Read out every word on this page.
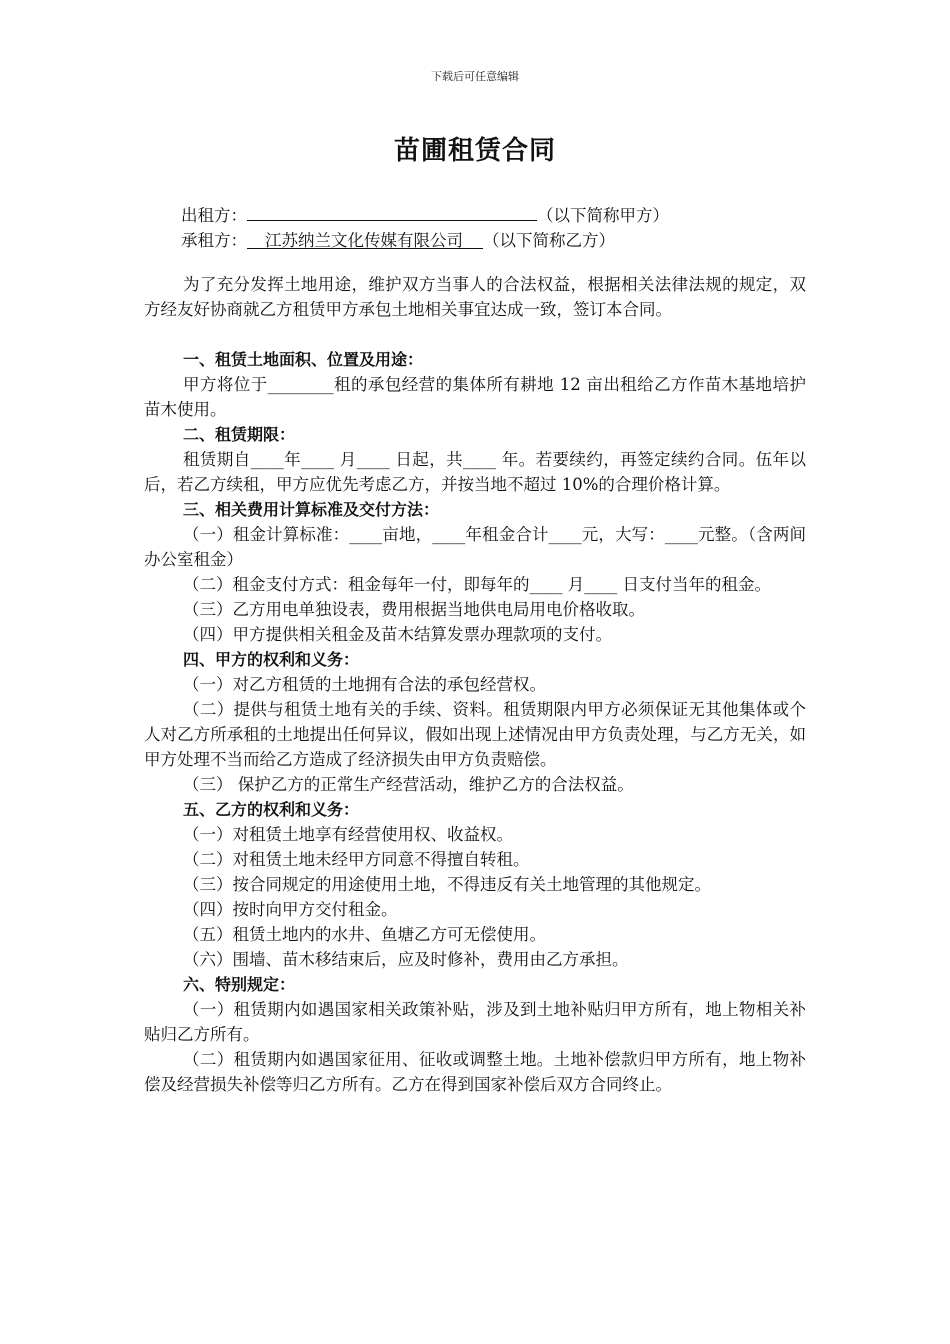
下载后可任意编辑
苗圃租赁合同
出租方：	（以下简称甲方）
承租方： 江苏纳兰文化传媒有限公司 （以下简称乙方）

为了充分发挥土地用途，维护双方当事人的合法权益，根据相关法律法规的规定，双方经友好协商就乙方租赁甲方承包土地相关事宜达成一致，签订本合同。

一、租赁土地面积、位置及用途：

甲方将位于________租的承包经营的集体所有耕地 12 亩出租给乙方作苗木基地培护苗木使用。

二、租赁期限：

租赁期自____年____ 月____ 日起，共____ 年。若要续约，再签定续约合同。伍年以后，若乙方续租，甲方应优先考虑乙方，并按当地不超过 10%的合理价格计算。

三、相关费用计算标准及交付方法：

（一）租金计算标准：____亩地，____年租金合计____元，大写：____元整。（含两间办公室租金）

（二）租金支付方式：租金每年一付，即每年的____ 月____ 日支付当年的租金。

（三）乙方用电单独设表，费用根据当地供电局用电价格收取。

（四）甲方提供相关租金及苗木结算发票办理款项的支付。

四、甲方的权利和义务：

（一）对乙方租赁的土地拥有合法的承包经营权。

（二）提供与租赁土地有关的手续、资料。租赁期限内甲方必须保证无其他集体或个人对乙方所承租的土地提出任何异议，假如出现上述情况由甲方负责处理，与乙方无关，如甲方处理不当而给乙方造成了经济损失由甲方负责赔偿。

（三） 保护乙方的正常生产经营活动，维护乙方的合法权益。

五、乙方的权利和义务：

（一）对租赁土地享有经营使用权、收益权。

（二）对租赁土地未经甲方同意不得擅自转租。

（三）按合同规定的用途使用土地，不得违反有关土地管理的其他规定。

（四）按时向甲方交付租金。

（五）租赁土地内的水井、鱼塘乙方可无偿使用。

（六）围墙、苗木移结束后，应及时修补，费用由乙方承担。

六、特别规定：

（一）租赁期内如遇国家相关政策补贴，涉及到土地补贴归甲方所有，地上物相关补贴归乙方所有。

（二）租赁期内如遇国家征用、征收或调整土地。土地补偿款归甲方所有，地上物补偿及经营损失补偿等归乙方所有。乙方在得到国家补偿后双方合同终止。
